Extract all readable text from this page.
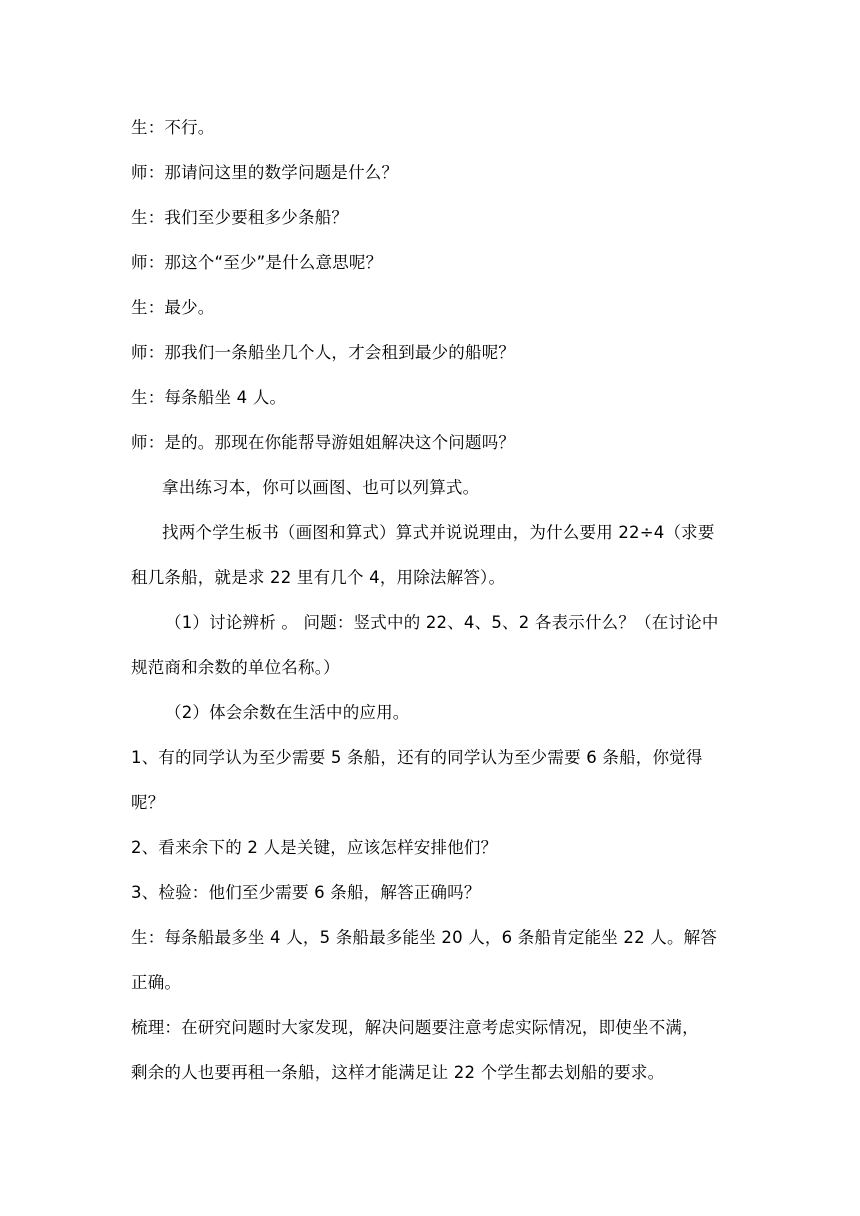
生：不行。
师：那请问这里的数学问题是什么？
生：我们至少要租多少条船？
师：那这个“至少”是什么意思呢？
生：最少。
师：那我们一条船坐几个人，才会租到最少的船呢？
生：每条船坐 4 人。
师：是的。那现在你能帮导游姐姐解决这个问题吗？
拿出练习本，你可以画图、也可以列算式。
找两个学生板书（画图和算式）算式并说说理由，为什么要用 22÷4（求要
租几条船，就是求 22 里有几个 4，用除法解答）。
（1）讨论辨析 。 问题：竖式中的 22、4、5、2 各表示什么？（在讨论中
规范商和余数的单位名称。）
（2）体会余数在生活中的应用。
1、有的同学认为至少需要 5 条船，还有的同学认为至少需要 6 条船，你觉得
呢？
2、看来余下的 2 人是关键，应该怎样安排他们？
3、检验：他们至少需要 6 条船，解答正确吗？
生：每条船最多坐 4 人，5 条船最多能坐 20 人，6 条船肯定能坐 22 人。解答
正确。
梳理：在研究问题时大家发现，解决问题要注意考虑实际情况，即使坐不满，
剩余的人也要再租一条船，这样才能满足让 22 个学生都去划船的要求。
